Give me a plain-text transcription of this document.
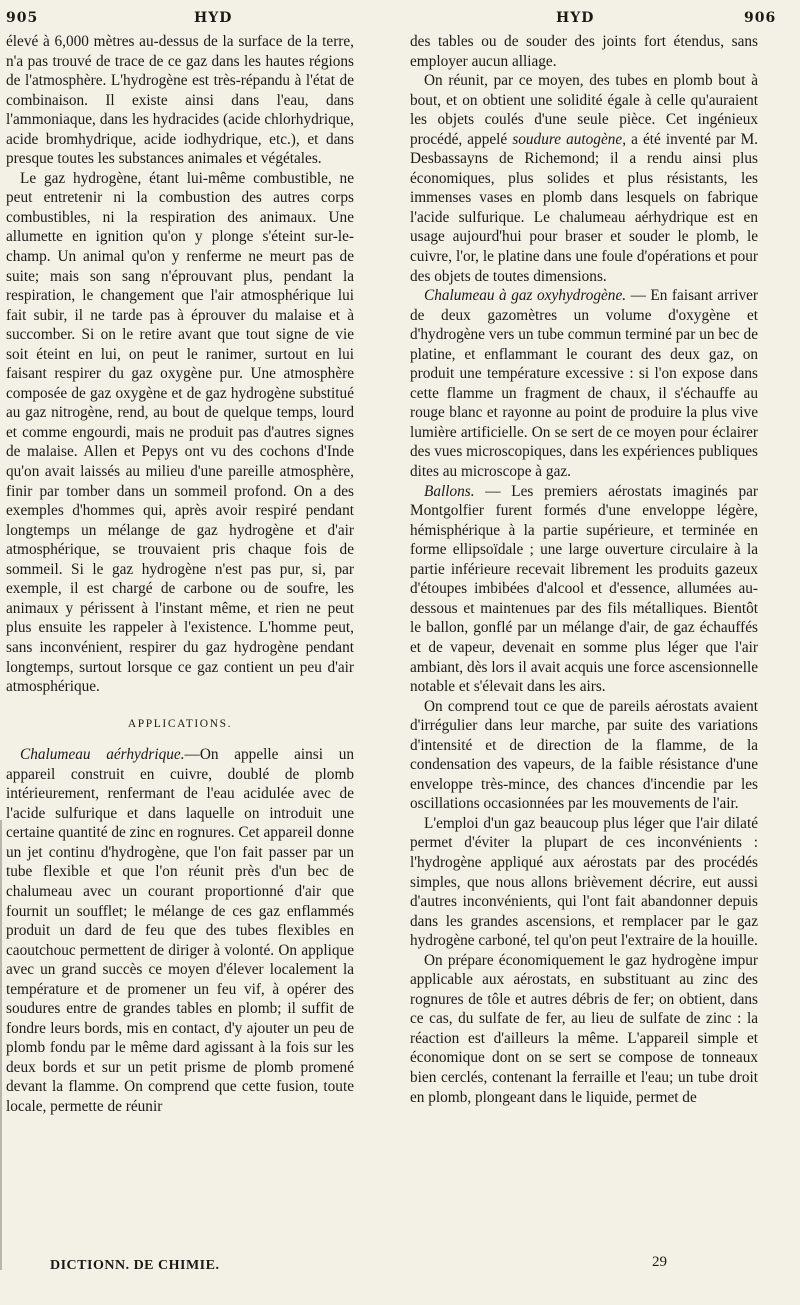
905	HYD	HYD	906

élevé à 6,000 mètres au-dessus de la surface de la terre, n'a pas trouvé de trace de ce gaz dans les hautes régions de l'atmosphère. L'hydrogène est très-répandu à l'état de combinaison. Il existe ainsi dans l'eau, dans l'ammoniaque, dans les hydracides (acide chlorhydrique, acide bromhydrique, acide iodhydrique, etc.), et dans presque toutes les substances animales et végétales.

Le gaz hydrogène, étant lui-même combustible, ne peut entretenir ni la combustion des autres corps combustibles, ni la respiration des animaux. Une allumette en ignition qu'on y plonge s'éteint sur-le-champ. Un animal qu'on y renferme ne meurt pas de suite; mais son sang n'éprouvant plus, pendant la respiration, le changement que l'air atmosphérique lui fait subir, il ne tarde pas à éprouver du malaise et à succomber. Si on le retire avant que tout signe de vie soit éteint en lui, on peut le ranimer, surtout en lui faisant respirer du gaz oxygène pur. Une atmosphère composée de gaz oxygène et de gaz hydrogène substitué au gaz nitrogène, rend, au bout de quelque temps, lourd et comme engourdi, mais ne produit pas d'autres signes de malaise. Allen et Pepys ont vu des cochons d'Inde qu'on avait laissés au milieu d'une pareille atmosphère, finir par tomber dans un sommeil profond. On a des exemples d'hommes qui, après avoir respiré pendant longtemps un mélange de gaz hydrogène et d'air atmosphérique, se trouvaient pris chaque fois de sommeil. Si le gaz hydrogène n'est pas pur, si, par exemple, il est chargé de carbone ou de soufre, les animaux y périssent à l'instant même, et rien ne peut plus ensuite les rappeler à l'existence. L'homme peut, sans inconvénient, respirer du gaz hydrogène pendant longtemps, surtout lorsque ce gaz contient un peu d'air atmosphérique.

APPLICATIONS.

Chalumeau aérhydrique.—On appelle ainsi un appareil construit en cuivre, doublé de plomb intérieurement, renfermant de l'eau acidulée avec de l'acide sulfurique et dans laquelle on introduit une certaine quantité de zinc en rognures. Cet appareil donne un jet continu d'hydrogène, que l'on fait passer par un tube flexible et que l'on réunit près d'un bec de chalumeau avec un courant proportionné d'air que fournit un soufflet; le mélange de ces gaz enflammés produit un dard de feu que des tubes flexibles en caoutchouc permettent de diriger à volonté. On applique avec un grand succès ce moyen d'élever localement la température et de promener un feu vif, à opérer des soudures entre de grandes tables en plomb; il suffit de fondre leurs bords, mis en contact, d'y ajouter un peu de plomb fondu par le même dard agissant à la fois sur les deux bords et sur un petit prisme de plomb promené devant la flamme. On comprend que cette fusion, toute locale, permette de réunir

des tables ou de souder des joints fort étendus, sans employer aucun alliage.

On réunit, par ce moyen, des tubes en plomb bout à bout, et on obtient une solidité égale à celle qu'auraient les objets coulés d'une seule pièce. Cet ingénieux procédé, appelé soudure autogène, a été inventé par M. Desbassayns de Richemond; il a rendu ainsi plus économiques, plus solides et plus résistants, les immenses vases en plomb dans lesquels on fabrique l'acide sulfurique. Le chalumeau aérhydrique est en usage aujourd'hui pour braser et souder le plomb, le cuivre, l'or, le platine dans une foule d'opérations et pour des objets de toutes dimensions.

Chalumeau à gaz oxyhydrogène. — En faisant arriver de deux gazomètres un volume d'oxygène et d'hydrogène vers un tube commun terminé par un bec de platine, et enflammant le courant des deux gaz, on produit une température excessive : si l'on expose dans cette flamme un fragment de chaux, il s'échauffe au rouge blanc et rayonne au point de produire la plus vive lumière artificielle. On se sert de ce moyen pour éclairer des vues microscopiques, dans les expériences publiques dites au microscope à gaz.

Ballons. — Les premiers aérostats imaginés par Montgolfier furent formés d'une enveloppe légère, hémisphérique à la partie supérieure, et terminée en forme ellipsoïdale ; une large ouverture circulaire à la partie inférieure recevait librement les produits gazeux d'étoupes imbibées d'alcool et d'essence, allumées au-dessous et maintenues par des fils métalliques. Bientôt le ballon, gonflé par un mélange d'air, de gaz échauffés et de vapeur, devenait en somme plus léger que l'air ambiant, dès lors il avait acquis une force ascensionnelle notable et s'élevait dans les airs.

On comprend tout ce que de pareils aérostats avaient d'irrégulier dans leur marche, par suite des variations d'intensité et de direction de la flamme, de la condensation des vapeurs, de la faible résistance d'une enveloppe très-mince, des chances d'incendie par les oscillations occasionnées par les mouvements de l'air.

L'emploi d'un gaz beaucoup plus léger que l'air dilaté permet d'éviter la plupart de ces inconvénients : l'hydrogène appliqué aux aérostats par des procédés simples, que nous allons brièvement décrire, eut aussi d'autres inconvénients, qui l'ont fait abandonner depuis dans les grandes ascensions, et remplacer par le gaz hydrogène carboné, tel qu'on peut l'extraire de la houille.

On prépare économiquement le gaz hydrogène impur applicable aux aérostats, en substituant au zinc des rognures de tôle et autres débris de fer; on obtient, dans ce cas, du sulfate de fer, au lieu de sulfate de zinc : la réaction est d'ailleurs la même. L'appareil simple et économique dont on se sert se compose de tonneaux bien cerclés, contenant la ferraille et l'eau; un tube droit en plomb, plongeant dans le liquide, permet de

DICTIONN. DE CHIMIE.	29
